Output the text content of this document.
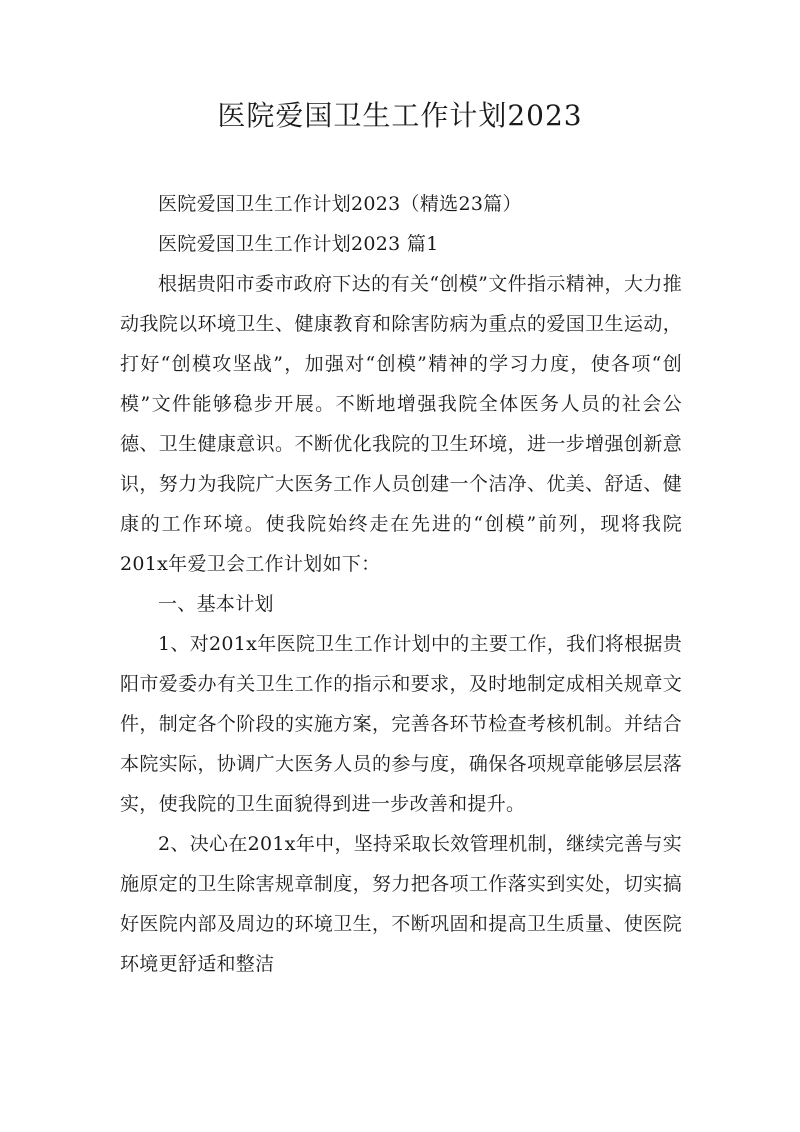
医院爱国卫生工作计划2023

医院爱国卫生工作计划2023（精选23篇）

医院爱国卫生工作计划2023 篇1

根据贵阳市委市政府下达的有关“创模”文件指示精神，大力推动我院以环境卫生、健康教育和除害防病为重点的爱国卫生运动，打好“创模攻坚战”，加强对“创模”精神的学习力度，使各项“创模”文件能够稳步开展。不断地增强我院全体医务人员的社会公德、卫生健康意识。不断优化我院的卫生环境，进一步增强创新意识，努力为我院广大医务工作人员创建一个洁净、优美、舒适、健康的工作环境。使我院始终走在先进的“创模”前列，现将我院201x年爱卫会工作计划如下：

一、基本计划

1、对201x年医院卫生工作计划中的主要工作，我们将根据贵阳市爱委办有关卫生工作的指示和要求，及时地制定成相关规章文件，制定各个阶段的实施方案，完善各环节检查考核机制。并结合本院实际，协调广大医务人员的参与度，确保各项规章能够层层落实，使我院的卫生面貌得到进一步改善和提升。

2、决心在201x年中，坚持采取长效管理机制，继续完善与实施原定的卫生除害规章制度，努力把各项工作落实到实处，切实搞好医院内部及周边的环境卫生，不断巩固和提高卫生质量、使医院环境更舒适和整洁
